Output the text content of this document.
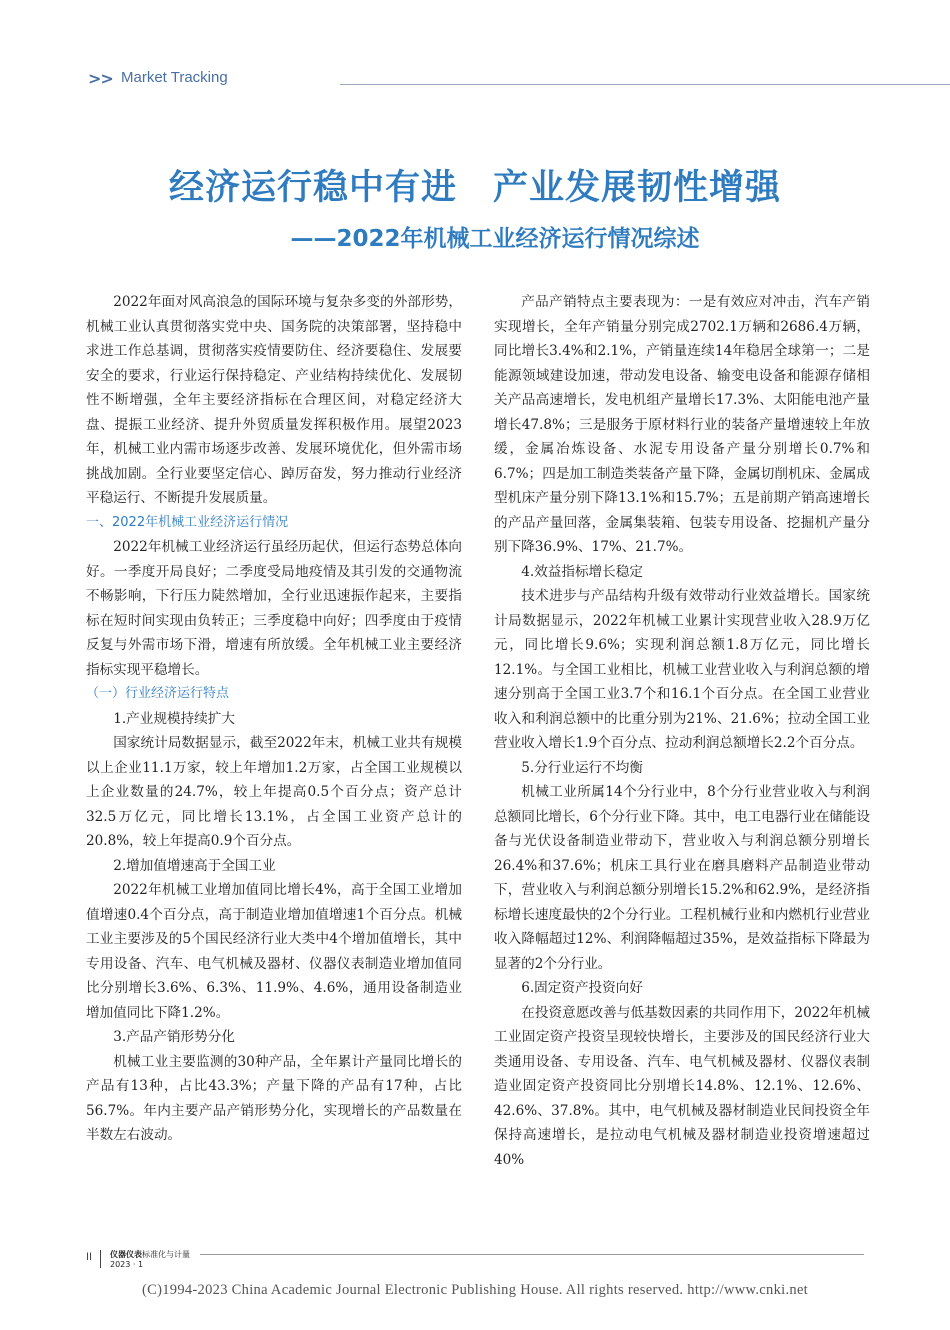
>> Market Tracking
经济运行稳中有进　产业发展韧性增强
——2022年机械工业经济运行情况综述

2022年面对风高浪急的国际环境与复杂多变的外部形势，机械工业认真贯彻落实党中央、国务院的决策部署，坚持稳中求进工作总基调，贯彻落实疫情要防住、经济要稳住、发展要安全的要求，行业运行保持稳定、产业结构持续优化、发展韧性不断增强，全年主要经济指标在合理区间，对稳定经济大盘、提振工业经济、提升外贸质量发挥积极作用。展望2023年，机械工业内需市场逐步改善、发展环境优化，但外需市场挑战加剧。全行业要坚定信心、踔厉奋发，努力推动行业经济平稳运行、不断提升发展质量。

一、2022年机械工业经济运行情况

2022年机械工业经济运行虽经历起伏，但运行态势总体向好。一季度开局良好；二季度受局地疫情及其引发的交通物流不畅影响，下行压力陡然增加，全行业迅速振作起来，主要指标在短时间实现由负转正；三季度稳中向好；四季度由于疫情反复与外需市场下滑，增速有所放缓。全年机械工业主要经济指标实现平稳增长。

（一）行业经济运行特点

1.产业规模持续扩大

国家统计局数据显示，截至2022年末，机械工业共有规模以上企业11.1万家，较上年增加1.2万家，占全国工业规模以上企业数量的24.7%，较上年提高0.5个百分点；资产总计32.5万亿元，同比增长13.1%，占全国工业资产总计的20.8%，较上年提高0.9个百分点。

2.增加值增速高于全国工业

2022年机械工业增加值同比增长4%，高于全国工业增加值增速0.4个百分点，高于制造业增加值增速1个百分点。机械工业主要涉及的5个国民经济行业大类中4个增加值增长，其中专用设备、汽车、电气机械及器材、仪器仪表制造业增加值同比分别增长3.6%、6.3%、11.9%、4.6%，通用设备制造业增加值同比下降1.2%。

3.产品产销形势分化

机械工业主要监测的30种产品，全年累计产量同比增长的产品有13种，占比43.3%；产量下降的产品有17种，占比56.7%。年内主要产品产销形势分化，实现增长的产品数量在半数左右波动。

产品产销特点主要表现为：一是有效应对冲击，汽车产销实现增长，全年产销量分别完成2702.1万辆和2686.4万辆，同比增长3.4%和2.1%，产销量连续14年稳居全球第一；二是能源领域建设加速，带动发电设备、输变电设备和能源存储相关产品高速增长，发电机组产量增长17.3%、太阳能电池产量增长47.8%；三是服务于原材料行业的装备产量增速较上年放缓，金属冶炼设备、水泥专用设备产量分别增长0.7%和6.7%；四是加工制造类装备产量下降，金属切削机床、金属成型机床产量分别下降13.1%和15.7%；五是前期产销高速增长的产品产量回落，金属集装箱、包装专用设备、挖掘机产量分别下降36.9%、17%、21.7%。

4.效益指标增长稳定

技术进步与产品结构升级有效带动行业效益增长。国家统计局数据显示，2022年机械工业累计实现营业收入28.9万亿元，同比增长9.6%；实现利润总额1.8万亿元，同比增长12.1%。与全国工业相比，机械工业营业收入与利润总额的增速分别高于全国工业3.7个和16.1个百分点。在全国工业营业收入和利润总额中的比重分别为21%、21.6%；拉动全国工业营业收入增长1.9个百分点、拉动利润总额增长2.2个百分点。

5.分行业运行不均衡

机械工业所属14个分行业中，8个分行业营业收入与利润总额同比增长，6个分行业下降。其中，电工电器行业在储能设备与光伏设备制造业带动下，营业收入与利润总额分别增长26.4%和37.6%；机床工具行业在磨具磨料产品制造业带动下，营业收入与利润总额分别增长15.2%和62.9%，是经济指标增长速度最快的2个分行业。工程机械行业和内燃机行业营业收入降幅超过12%、利润降幅超过35%，是效益指标下降最为显著的2个分行业。

6.固定资产投资向好

在投资意愿改善与低基数因素的共同作用下，2022年机械工业固定资产投资呈现较快增长，主要涉及的国民经济行业大类通用设备、专用设备、汽车、电气机械及器材、仪器仪表制造业固定资产投资同比分别增长14.8%、12.1%、12.6%、42.6%、37.8%。其中，电气机械及器材制造业民间投资全年保持高速增长，是拉动电气机械及器材制造业投资增速超过40%

II 仪器仪表标准化与计量
2023 · 1
(C)1994-2023 China Academic Journal Electronic Publishing House. All rights reserved. http://www.cnki.net
